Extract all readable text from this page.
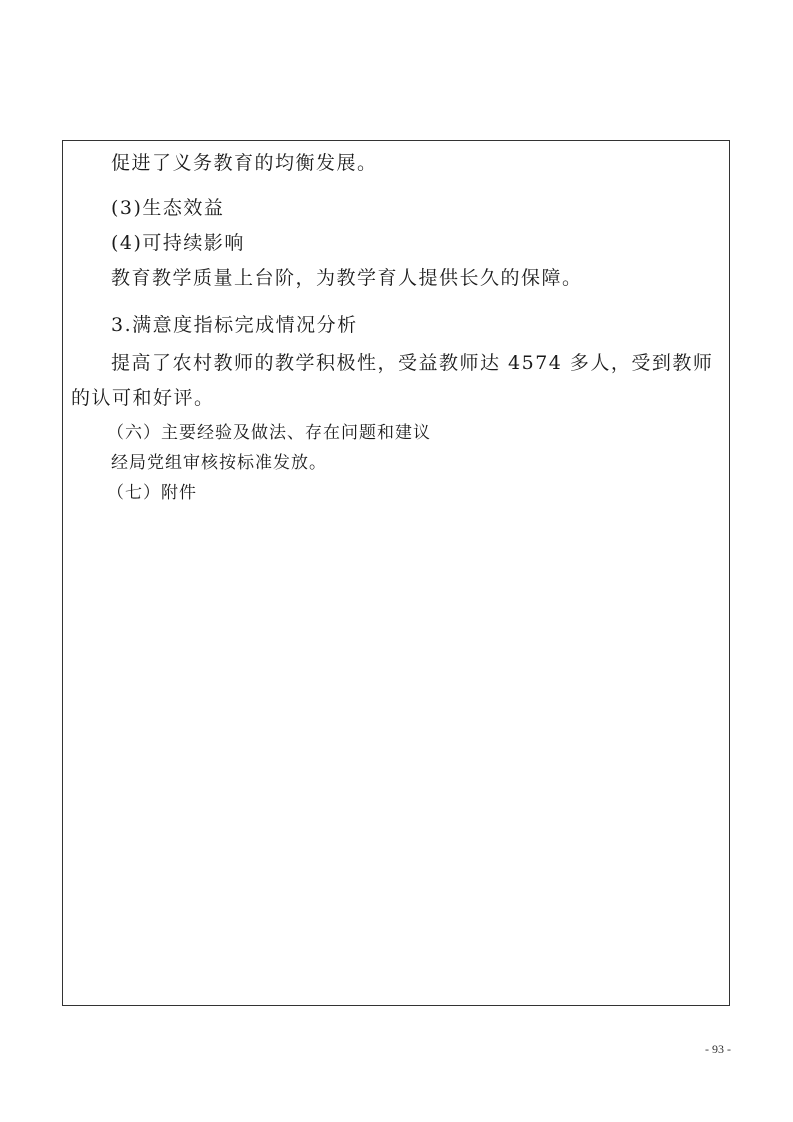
促进了义务教育的均衡发展。
(3)生态效益
(4)可持续影响
教育教学质量上台阶，为教学育人提供长久的保障。
3.满意度指标完成情况分析
提高了农村教师的教学积极性，受益教师达 4574 多人，受到教师
的认可和好评。
（六）主要经验及做法、存在问题和建议
经局党组审核按标准发放。
（七）附件
- 93 -
